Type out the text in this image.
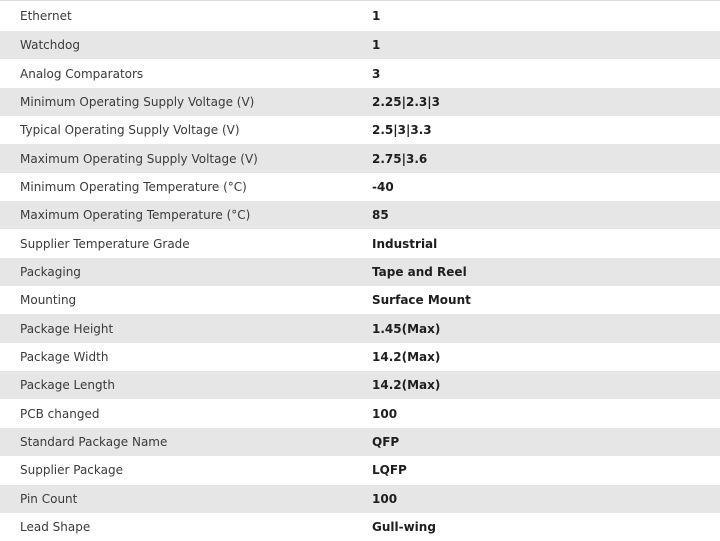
Ethernet	1
Watchdog	1
Analog Comparators	3
Minimum Operating Supply Voltage (V)	2.25|2.3|3
Typical Operating Supply Voltage (V)	2.5|3|3.3
Maximum Operating Supply Voltage (V)	2.75|3.6
Minimum Operating Temperature (°C)	-40
Maximum Operating Temperature (°C)	85
Supplier Temperature Grade	Industrial
Packaging	Tape and Reel
Mounting	Surface Mount
Package Height	1.45(Max)
Package Width	14.2(Max)
Package Length	14.2(Max)
PCB changed	100
Standard Package Name	QFP
Supplier Package	LQFP
Pin Count	100
Lead Shape	Gull-wing
